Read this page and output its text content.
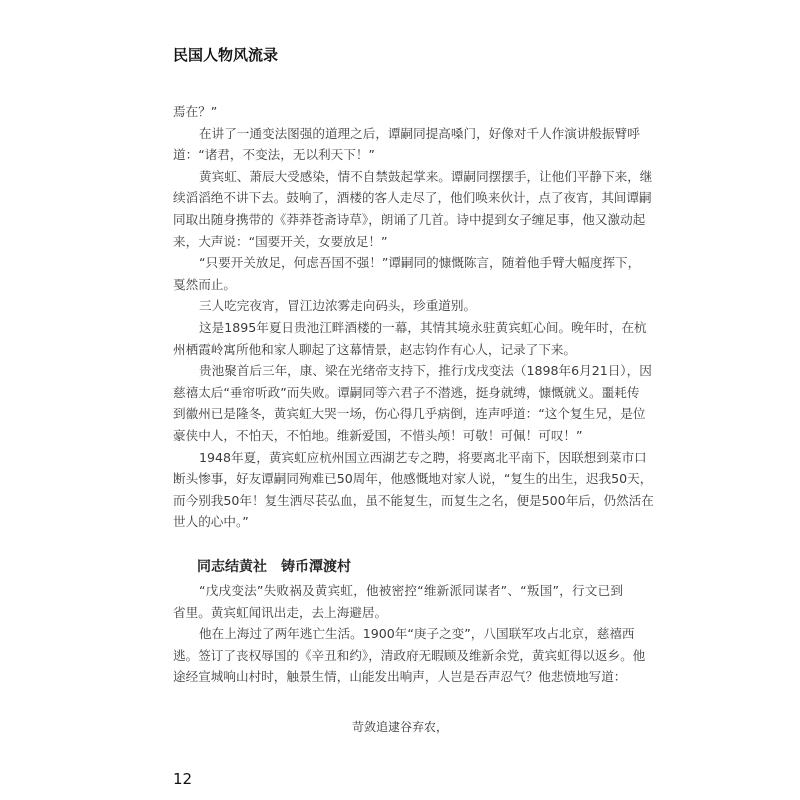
民国人物风流录
焉在？”
在讲了一通变法图强的道理之后，谭嗣同提高嗓门，好像对千人作演讲般振臂呼
道：“诸君，不变法，无以利天下！”
黄宾虹、萧辰大受感染，情不自禁鼓起掌来。谭嗣同摆摆手，让他们平静下来，继
续滔滔绝不讲下去。鼓响了，酒楼的客人走尽了，他们唤来伙计，点了夜宵，其间谭嗣
同取出随身携带的《莽莽苍斋诗草》，朗诵了几首。诗中提到女子缠足事，他又激动起
来，大声说：“国要开关，女要放足！”
“只要开关放足，何虑吾国不强！”谭嗣同的慷慨陈言，随着他手臂大幅度挥下，
戛然而止。
三人吃完夜宵，冒江边浓雾走向码头，珍重道别。
这是1895年夏日贵池江畔酒楼的一幕，其情其境永驻黄宾虹心间。晚年时，在杭
州栖霞岭寓所他和家人聊起了这幕情景，赵志钧作有心人，记录了下来。
贵池聚首后三年，康、梁在光绪帝支持下，推行戊戌变法（1898年6月21日），因
慈禧太后“垂帘听政”而失败。谭嗣同等六君子不潜逃，挺身就缚，慷慨就义。噩耗传
到徽州已是隆冬，黄宾虹大哭一场，伤心得几乎病倒，连声呼道：“这个复生兄，是位
豪侠中人，不怕天，不怕地。维新爱国，不惜头颅！可敬！可佩！可叹！”
1948年夏，黄宾虹应杭州国立西湖艺专之聘，将要离北平南下，因联想到菜市口
断头惨事，好友谭嗣同殉难已50周年，他感慨地对家人说，“复生的出生，迟我50天，
而今别我50年！复生洒尽苌弘血，虽不能复生，而复生之名，便是500年后，仍然活在
世人的心中。”
同志结黄社 铸币潭渡村
“戊戌变法”失败祸及黄宾虹，他被密控“维新派同谋者”、“叛国”，行文已到
省里。黄宾虹闻讯出走，去上海避居。
他在上海过了两年逃亡生活。1900年“庚子之变”，八国联军攻占北京，慈禧西
逃。签订了丧权辱国的《辛丑和约》，清政府无暇顾及维新余党，黄宾虹得以返乡。他
途经宣城响山村时，触景生情，山能发出响声，人岂是吞声忍气？他悲愤地写道：
苛敛追逮谷弃农，
12
